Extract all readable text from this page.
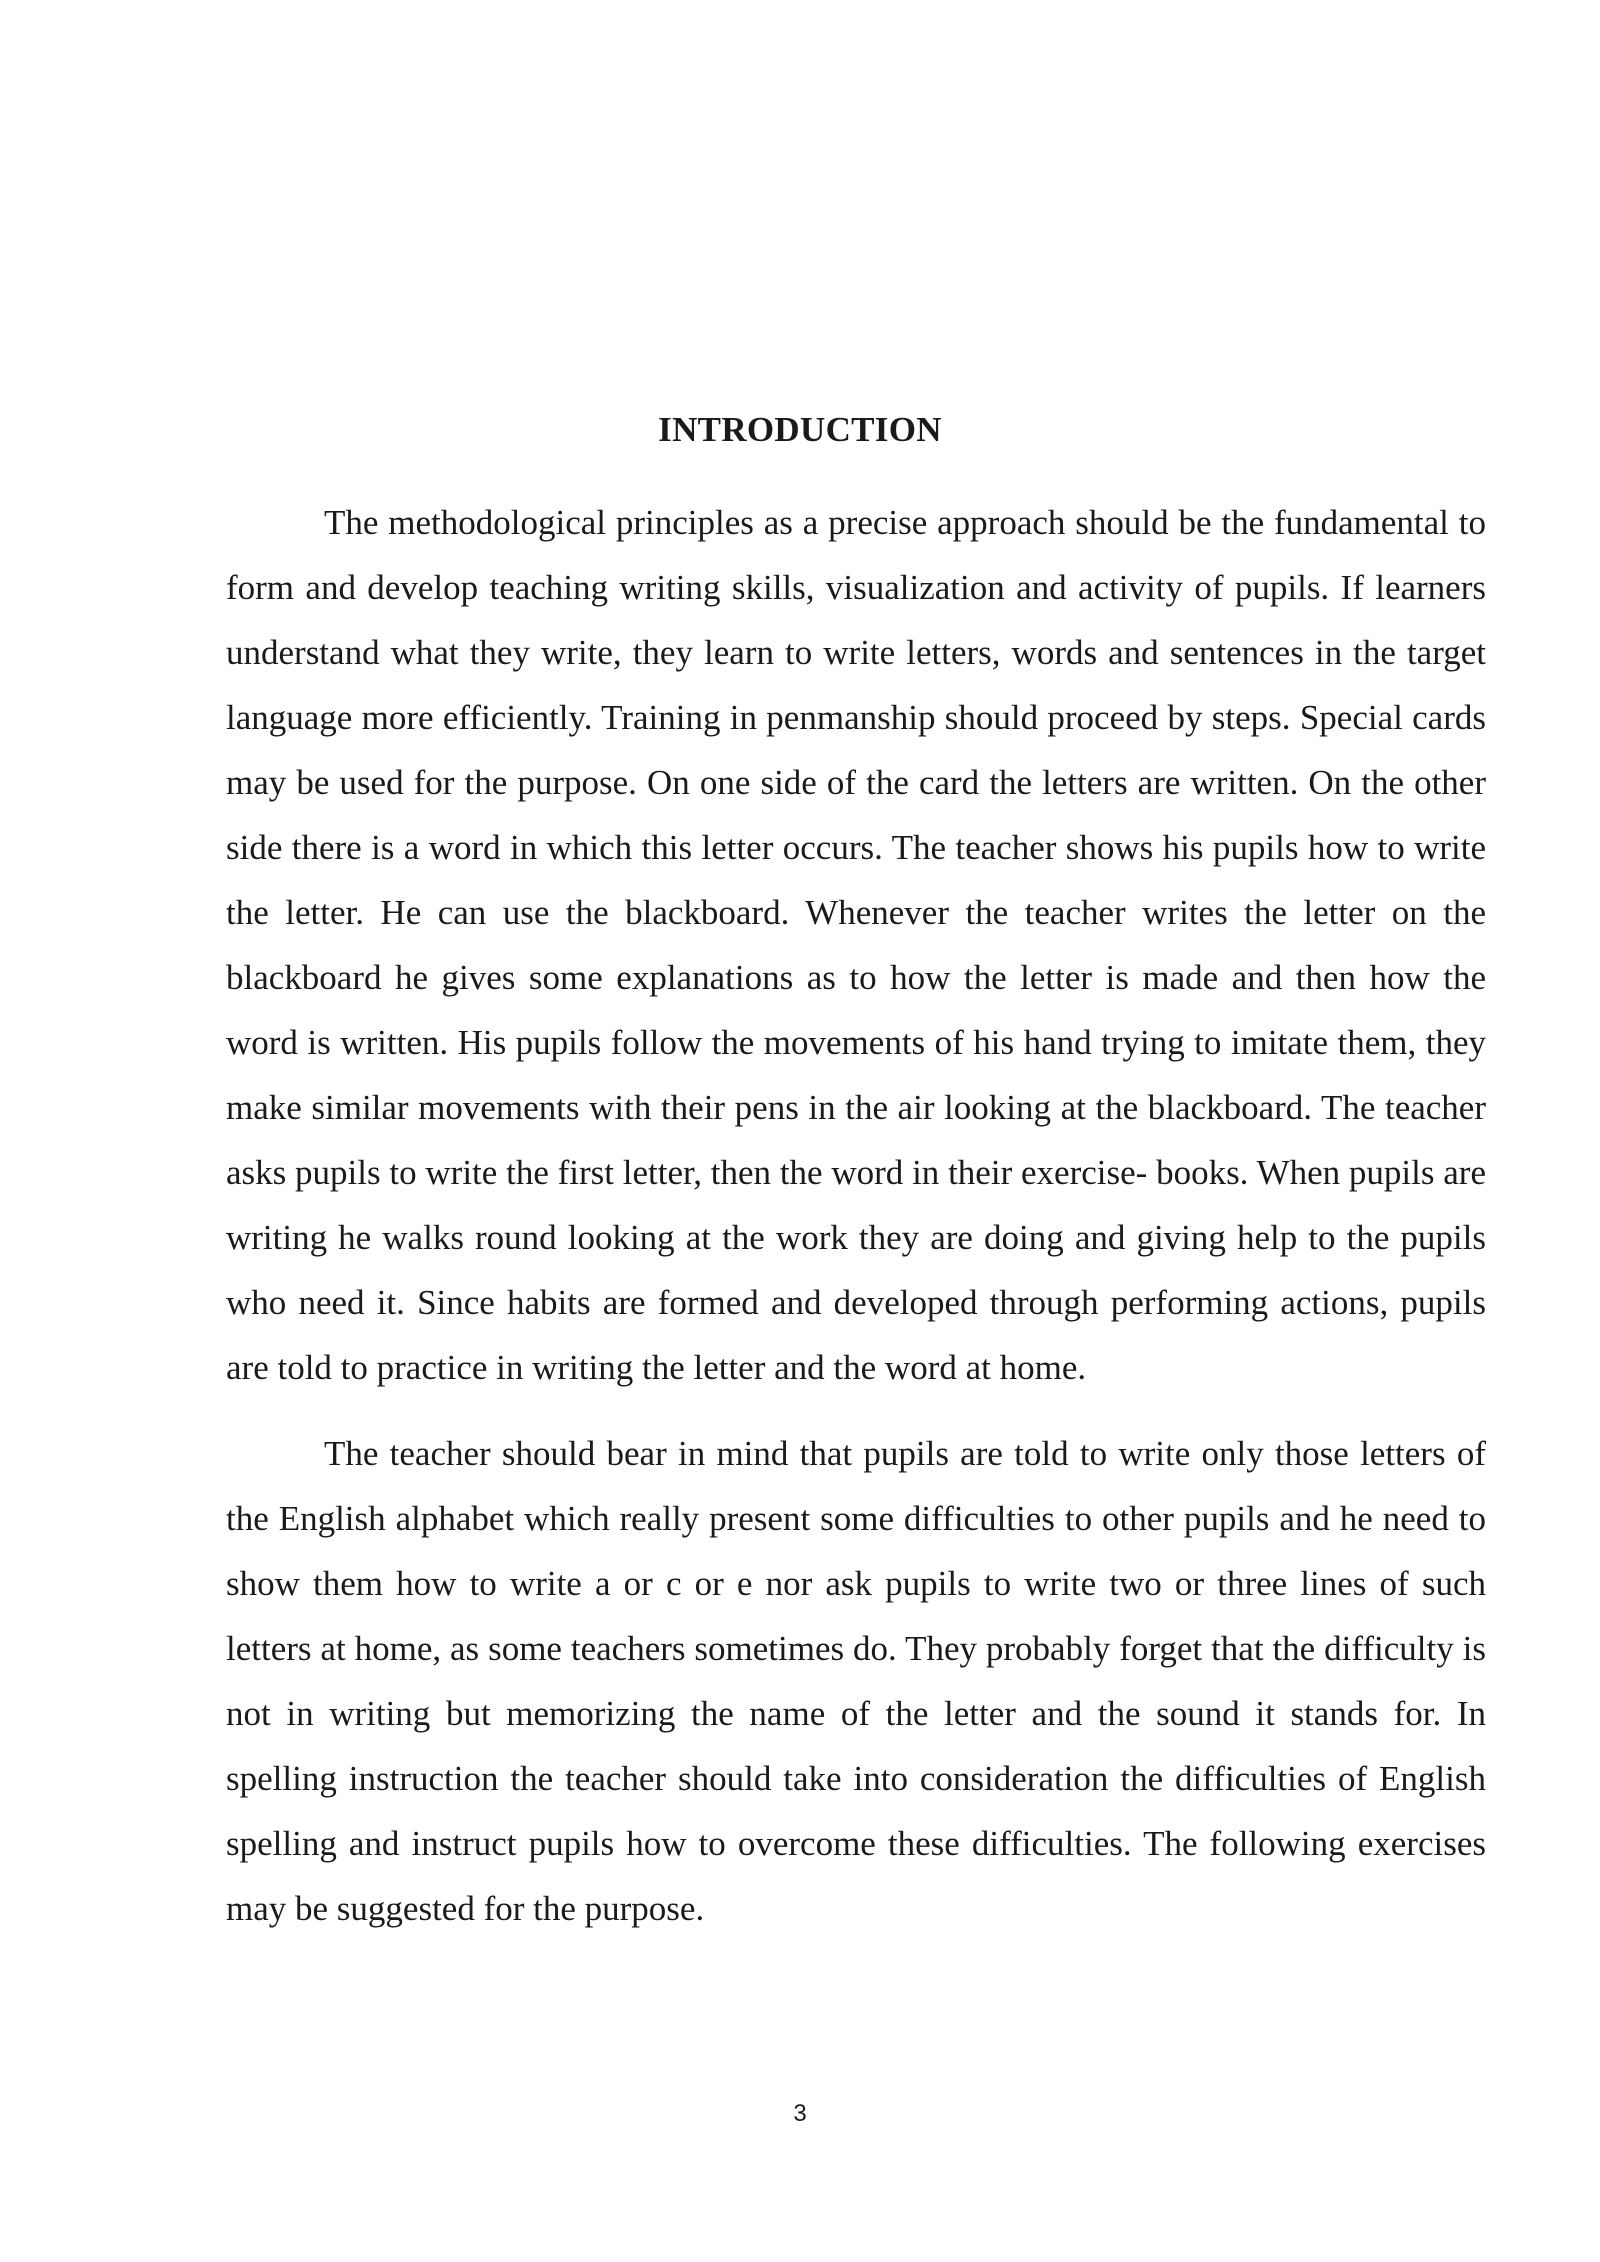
INTRODUCTION

The methodological principles as a precise approach should be the fundamental to form and develop teaching writing skills, visualization and activity of pupils. If learners understand what they write, they learn to write letters, words and sentences in the target language more efficiently. Training in penmanship should proceed by steps. Special cards may be used for the purpose. On one side of the card the letters are written. On the other side there is a word in which this letter occurs. The teacher shows his pupils how to write the letter. He can use the blackboard. Whenever the teacher writes the letter on the blackboard he gives some explanations as to how the letter is made and then how the word is written. His pupils follow the movements of his hand trying to imitate them, they make similar movements with their pens in the air looking at the blackboard. The teacher asks pupils to write the first letter, then the word in their exercise- books. When pupils are writing he walks round looking at the work they are doing and giving help to the pupils who need it. Since habits are formed and developed through performing actions, pupils are told to practice in writing the letter and the word at home.

The teacher should bear in mind that pupils are told to write only those letters of the English alphabet which really present some difficulties to other pupils and he need to show them how to write a or c or e nor ask pupils to write two or three lines of such letters at home, as some teachers sometimes do. They probably forget that the difficulty is not in writing but memorizing the name of the letter and the sound it stands for. In spelling instruction the teacher should take into consideration the difficulties of English spelling and instruct pupils how to overcome these difficulties. The following exercises may be suggested for the purpose.

3
